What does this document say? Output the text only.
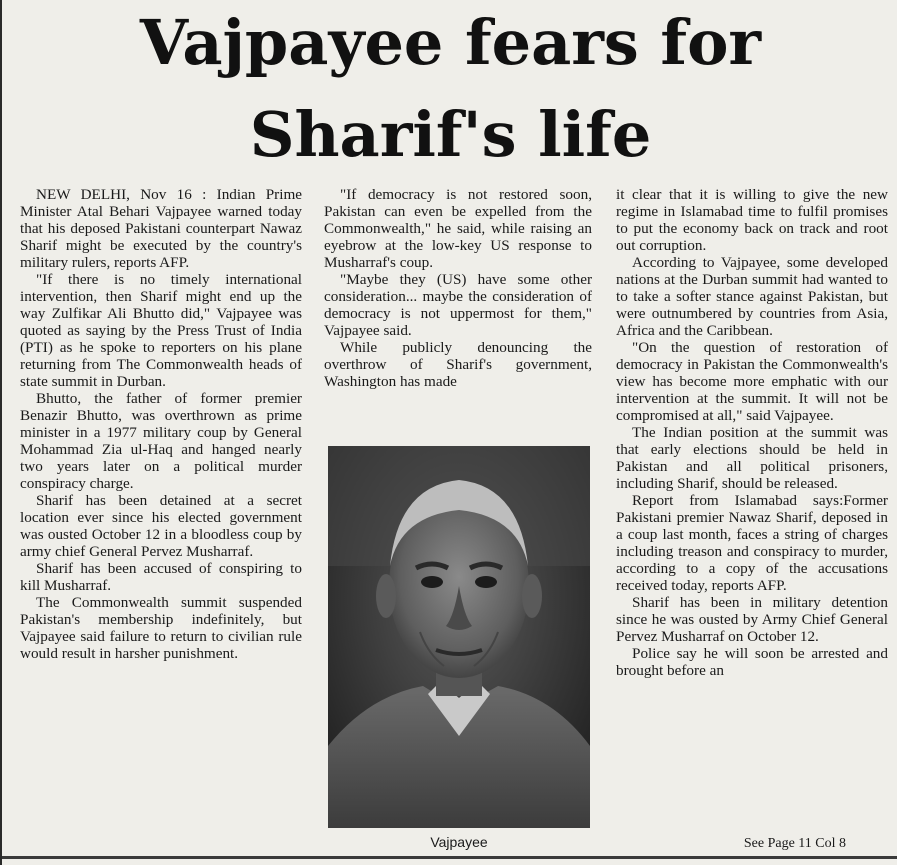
Vajpayee fears for
Sharif's life

NEW DELHI, Nov 16 : Indian Prime Minister Atal Behari Vajpayee warned today that his deposed Pakistani counterpart Nawaz Sharif might be executed by the country's military rulers, reports AFP.

"If there is no timely international intervention, then Sharif might end up the way Zulfikar Ali Bhutto did," Vajpayee was quoted as saying by the Press Trust of India (PTI) as he spoke to reporters on his plane returning from The Commonwealth heads of state summit in Durban.

Bhutto, the father of former premier Benazir Bhutto, was overthrown as prime minister in a 1977 military coup by General Mohammad Zia ul-Haq and hanged nearly two years later on a political murder conspiracy charge.

Sharif has been detained at a secret location ever since his elected government was ousted October 12 in a bloodless coup by army chief General Pervez Musharraf.

Sharif has been accused of conspiring to kill Musharraf.

The Commonwealth summit suspended Pakistan's membership indefinitely, but Vajpayee said failure to return to civilian rule would result in harsher punishment.

"If democracy is not restored soon, Pakistan can even be expelled from the Commonwealth," he said, while raising an eyebrow at the low-key US response to Musharraf's coup.

"Maybe they (US) have some other consideration... maybe the consideration of democracy is not uppermost for them," Vajpayee said.

While publicly denouncing the overthrow of Sharif's government, Washington has made

Vajpayee

it clear that it is willing to give the new regime in Islamabad time to fulfil promises to put the economy back on track and root out corruption.

According to Vajpayee, some developed nations at the Durban summit had wanted to to take a softer stance against Pakistan, but were outnumbered by countries from Asia, Africa and the Caribbean.

"On the question of restoration of democracy in Pakistan the Commonwealth's view has become more emphatic with our intervention at the summit. It will not be compromised at all," said Vajpayee.

The Indian position at the summit was that early elections should be held in Pakistan and all political prisoners, including Sharif, should be released.

Report from Islamabad says:Former Pakistani premier Nawaz Sharif, deposed in a coup last month, faces a string of charges including treason and conspiracy to murder, according to a copy of the accusations received today, reports AFP.

Sharif has been in military detention since he was ousted by Army Chief General Pervez Musharraf on October 12.

Police say he will soon be arrested and brought before an

See Page 11 Col 8
